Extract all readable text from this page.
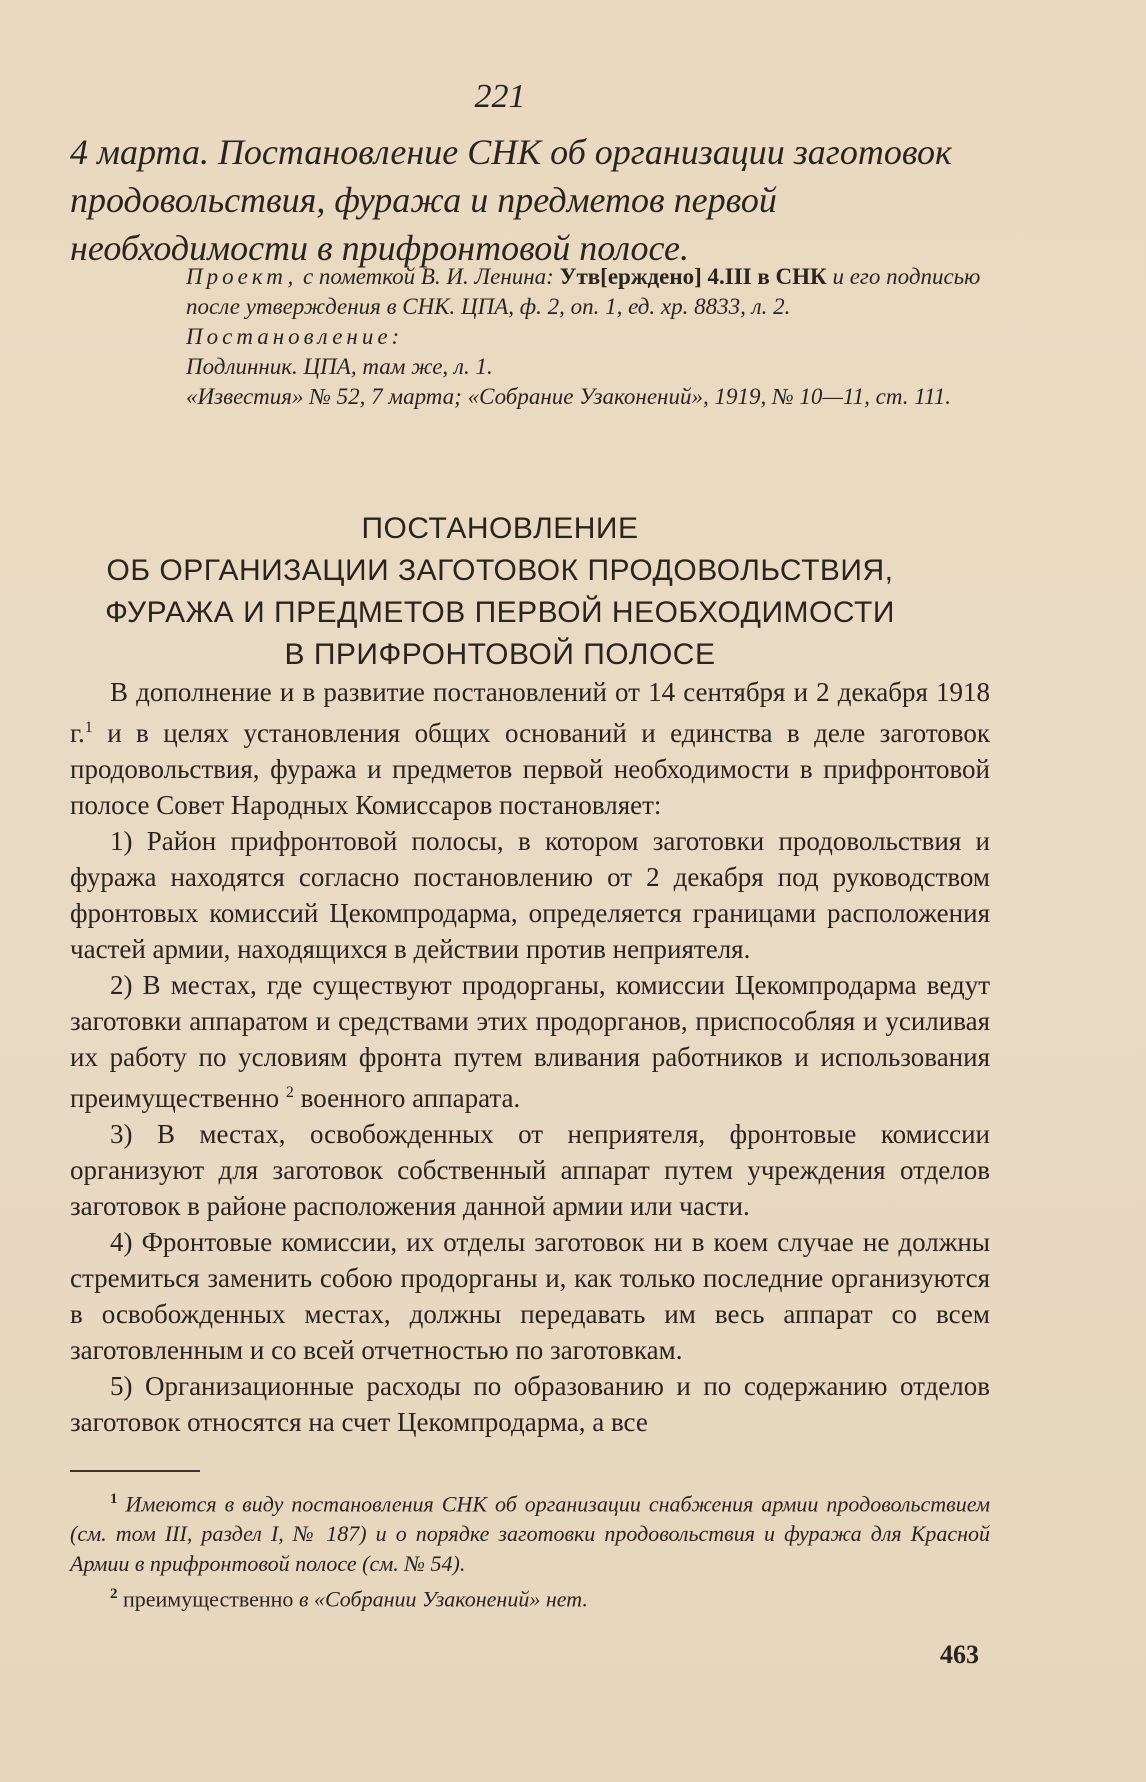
221
4 марта. Постановление СНК об организации заготовок продовольствия, фуража и предметов первой необходимости в прифронтовой полосе.
Проект, с пометкой В. И. Ленина: Утв[ерждено] 4.III в СНК и его подписью после утверждения в СНК. ЦПА, ф. 2, оп. 1, ед. хр. 8833, л. 2.
Постановление:
Подлинник. ЦПА, там же, л. 1.
«Известия» № 52, 7 марта; «Собрание Узаконений», 1919, № 10—11, ст. 111.
ПОСТАНОВЛЕНИЕ
ОБ ОРГАНИЗАЦИИ ЗАГОТОВОК ПРОДОВОЛЬСТВИЯ,
ФУРАЖА И ПРЕДМЕТОВ ПЕРВОЙ НЕОБХОДИМОСТИ
В ПРИФРОНТОВОЙ ПОЛОСЕ

В дополнение и в развитие постановлений от 14 сентября и 2 декабря 1918 г.$^1$ и в целях установления общих оснований и единства в деле заготовок продовольствия, фуража и предметов первой необходимости в прифронтовой полосе Совет Народных Комиссаров постановляет:

1) Район прифронтовой полосы, в котором заготовки продовольствия и фуража находятся согласно постановлению от 2 декабря под руководством фронтовых комиссий Цекомпродарма, определяется границами расположения частей армии, находящихся в действии против неприятеля.

2) В местах, где существуют продорганы, комиссии Цекомпродарма ведут заготовки аппаратом и средствами этих продорганов, приспособляя и усиливая их работу по условиям фронта путем вливания работников и использования преимущественно $^2$ военного аппарата.

3) В местах, освобожденных от неприятеля, фронтовые комиссии организуют для заготовок собственный аппарат путем учреждения отделов заготовок в районе расположения данной армии или части.

4) Фронтовые комиссии, их отделы заготовок ни в коем случае не должны стремиться заменить собою продорганы и, как только последние организуются в освобожденных местах, должны передавать им весь аппарат со всем заготовленным и со всей отчетностью по заготовкам.

5) Организационные расходы по образованию и по содержанию отделов заготовок относятся на счет Цекомпродарма, а все

$^1$ Имеются в виду постановления СНК об организации снабжения армии продовольствием (см. том III, раздел I, № 187) и о порядке заготовки продовольствия и фуража для Красной Армии в прифронтовой полосе (см. № 54).

$^2$ преимущественно в «Собрании Узаконений» нет.

463
